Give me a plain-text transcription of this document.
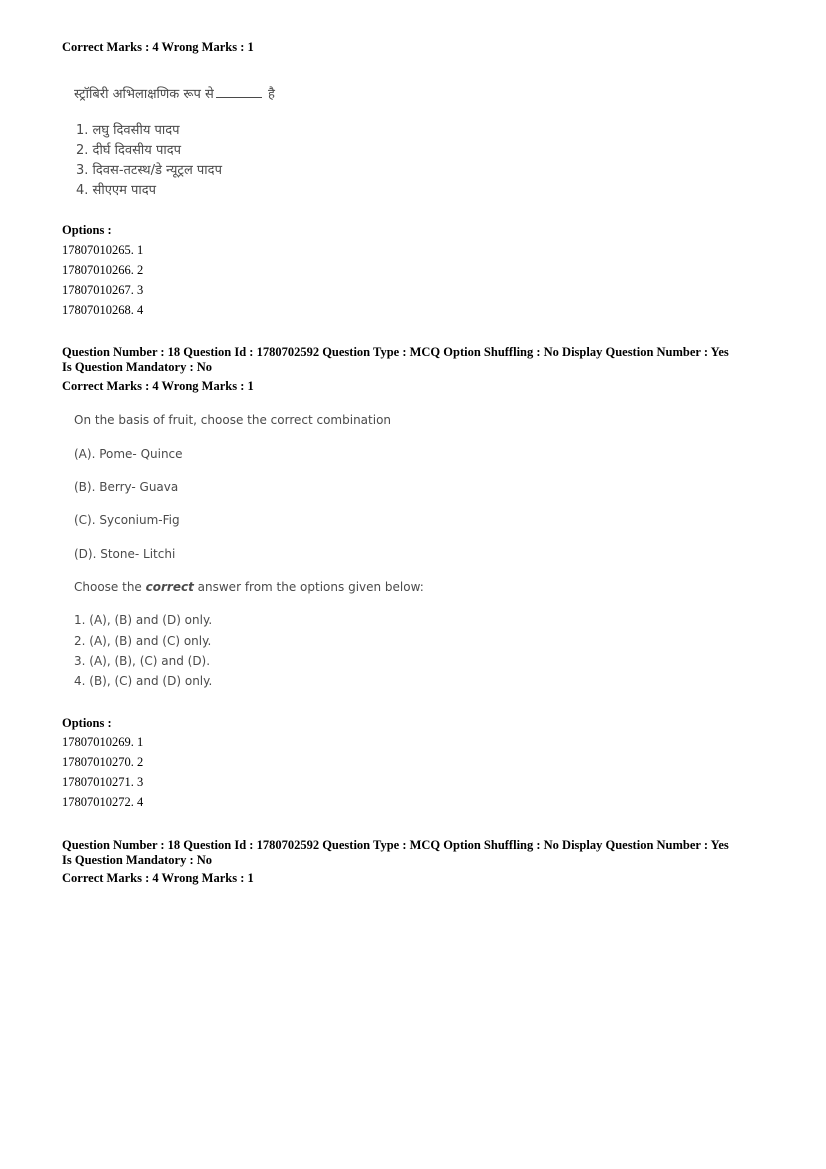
Correct Marks : 4 Wrong Marks : 1
स्ट्रॉबिरी अभिलाक्षणिक रूप से	है
1. लघु दिवसीय पादप
2. दीर्घ दिवसीय पादप
3. दिवस-तटस्थ/डे न्यूट्रल पादप
4. सीएएम पादप
Options :
17807010265. 1
17807010266. 2
17807010267. 3
17807010268. 4
Question Number : 18 Question Id : 1780702592 Question Type : MCQ Option Shuffling : No Display Question Number : Yes
Is Question Mandatory : No
Correct Marks : 4 Wrong Marks : 1
On the basis of fruit, choose the correct combination
(A). Pome- Quince
(B). Berry- Guava
(C). Syconium-Fig
(D). Stone- Litchi
Choose the correct answer from the options given below:
1. (A), (B) and (D) only.
2. (A), (B) and (C) only.
3. (A), (B), (C) and (D).
4. (B), (C) and (D) only.
Options :
17807010269. 1
17807010270. 2
17807010271. 3
17807010272. 4
Question Number : 18 Question Id : 1780702592 Question Type : MCQ Option Shuffling : No Display Question Number : Yes
Is Question Mandatory : No
Correct Marks : 4 Wrong Marks : 1
